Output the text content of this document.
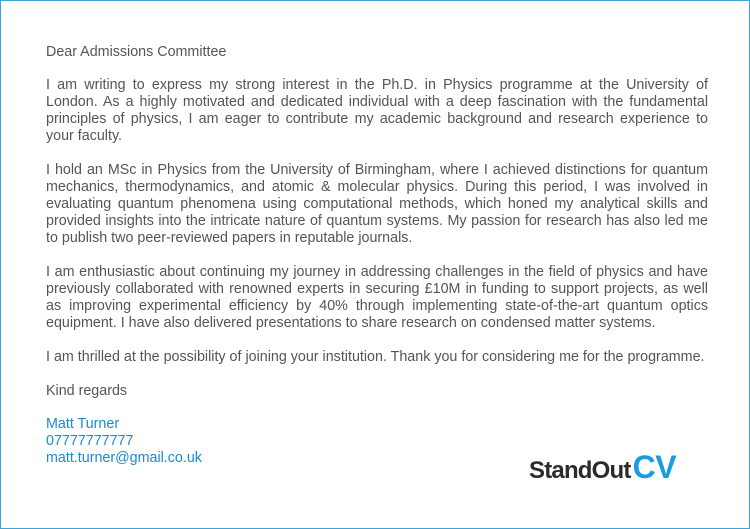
Dear Admissions Committee
I am writing to express my strong interest in the Ph.D. in Physics programme at the University of London. As a highly motivated and dedicated individual with a deep fascination with the fundamental principles of physics, I am eager to contribute my academic background and research experience to your faculty.
I hold an MSc in Physics from the University of Birmingham, where I achieved distinctions for quantum mechanics, thermodynamics, and atomic & molecular physics. During this period, I was involved in evaluating quantum phenomena using computational methods, which honed my analytical skills and provided insights into the intricate nature of quantum systems. My passion for research has also led me to publish two peer-reviewed papers in reputable journals.
I am enthusiastic about continuing my journey in addressing challenges in the field of physics and have previously collaborated with renowned experts in securing £10M in funding to support projects, as well as improving experimental efficiency by 40% through implementing state-of-the-art quantum optics equipment. I have also delivered presentations to share research on condensed matter systems.
I am thrilled at the possibility of joining your institution. Thank you for considering me for the programme.
Kind regards
Matt Turner
07777777777
matt.turner@gmail.co.uk	StandOutCV
